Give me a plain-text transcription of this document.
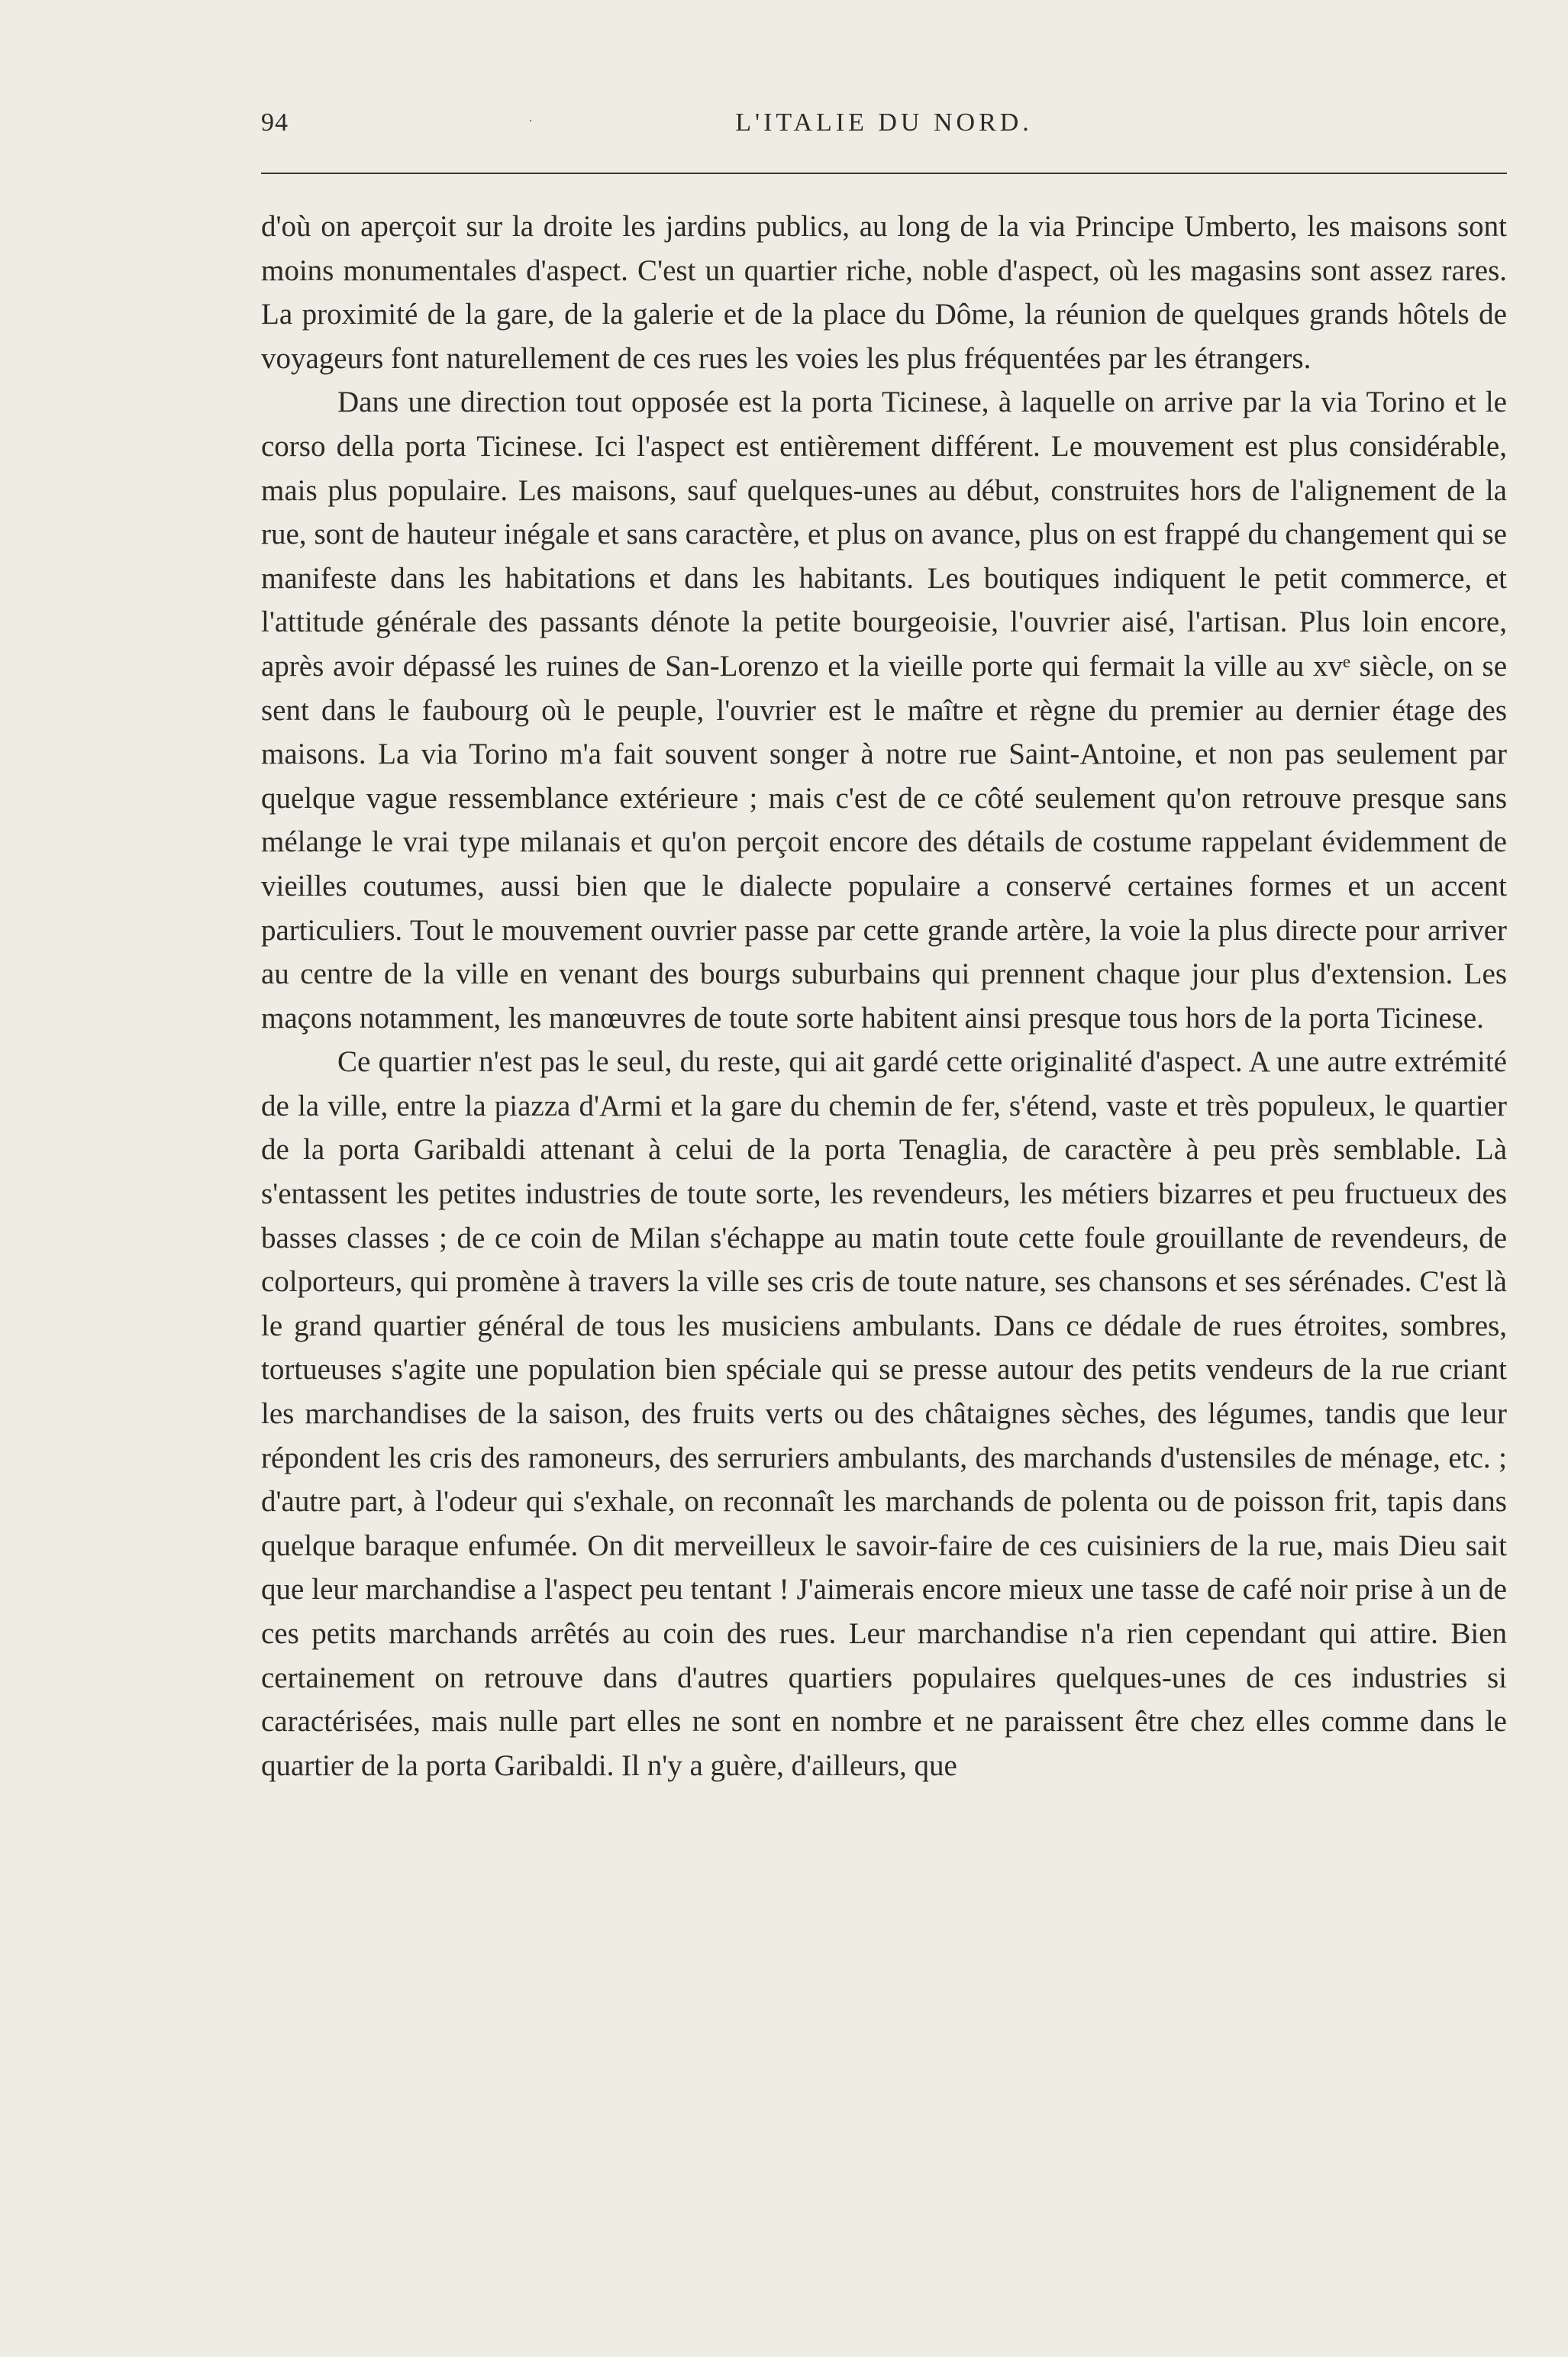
94	·	L'ITALIE DU NORD.

d'où on aperçoit sur la droite les jardins publics, au long de la via Principe Umberto, les maisons sont moins monumentales d'aspect. C'est un quartier riche, noble d'aspect, où les magasins sont assez rares. La proximité de la gare, de la galerie et de la place du Dôme, la réunion de quelques grands hôtels de voyageurs font naturellement de ces rues les voies les plus fréquentées par les étrangers.

Dans une direction tout opposée est la porta Ticinese, à laquelle on arrive par la via Torino et le corso della porta Ticinese. Ici l'aspect est entièrement différent. Le mouvement est plus considérable, mais plus populaire. Les maisons, sauf quelques-unes au début, construites hors de l'alignement de la rue, sont de hauteur inégale et sans caractère, et plus on avance, plus on est frappé du changement qui se manifeste dans les habitations et dans les habitants. Les boutiques indiquent le petit commerce, et l'attitude générale des passants dénote la petite bourgeoisie, l'ouvrier aisé, l'artisan. Plus loin encore, après avoir dépassé les ruines de San-Lorenzo et la vieille porte qui fermait la ville au xvᵉ siècle, on se sent dans le faubourg où le peuple, l'ouvrier est le maître et règne du premier au dernier étage des maisons. La via Torino m'a fait souvent songer à notre rue Saint-Antoine, et non pas seulement par quelque vague ressemblance extérieure ; mais c'est de ce côté seulement qu'on retrouve presque sans mélange le vrai type milanais et qu'on perçoit encore des détails de costume rappelant évidemment de vieilles coutumes, aussi bien que le dialecte populaire a conservé certaines formes et un accent particuliers. Tout le mouvement ouvrier passe par cette grande artère, la voie la plus directe pour arriver au centre de la ville en venant des bourgs suburbains qui prennent chaque jour plus d'extension. Les maçons notamment, les manœuvres de toute sorte habitent ainsi presque tous hors de la porta Ticinese.

Ce quartier n'est pas le seul, du reste, qui ait gardé cette originalité d'aspect. A une autre extrémité de la ville, entre la piazza d'Armi et la gare du chemin de fer, s'étend, vaste et très populeux, le quartier de la porta Garibaldi attenant à celui de la porta Tenaglia, de caractère à peu près semblable. Là s'entassent les petites industries de toute sorte, les revendeurs, les métiers bizarres et peu fructueux des basses classes ; de ce coin de Milan s'échappe au matin toute cette foule grouillante de revendeurs, de colporteurs, qui promène à travers la ville ses cris de toute nature, ses chansons et ses sérénades. C'est là le grand quartier général de tous les musiciens ambulants. Dans ce dédale de rues étroites, sombres, tortueuses s'agite une population bien spéciale qui se presse autour des petits vendeurs de la rue criant les marchandises de la saison, des fruits verts ou des châtaignes sèches, des légumes, tandis que leur répondent les cris des ramoneurs, des serruriers ambulants, des marchands d'ustensiles de ménage, etc. ; d'autre part, à l'odeur qui s'exhale, on reconnaît les marchands de polenta ou de poisson frit, tapis dans quelque baraque enfumée. On dit merveilleux le savoir-faire de ces cuisiniers de la rue, mais Dieu sait que leur marchandise a l'aspect peu tentant ! J'aimerais encore mieux une tasse de café noir prise à un de ces petits marchands arrêtés au coin des rues. Leur marchandise n'a rien cependant qui attire. Bien certainement on retrouve dans d'autres quartiers populaires quelques-unes de ces industries si caractérisées, mais nulle part elles ne sont en nombre et ne paraissent être chez elles comme dans le quartier de la porta Garibaldi. Il n'y a guère, d'ailleurs, que
